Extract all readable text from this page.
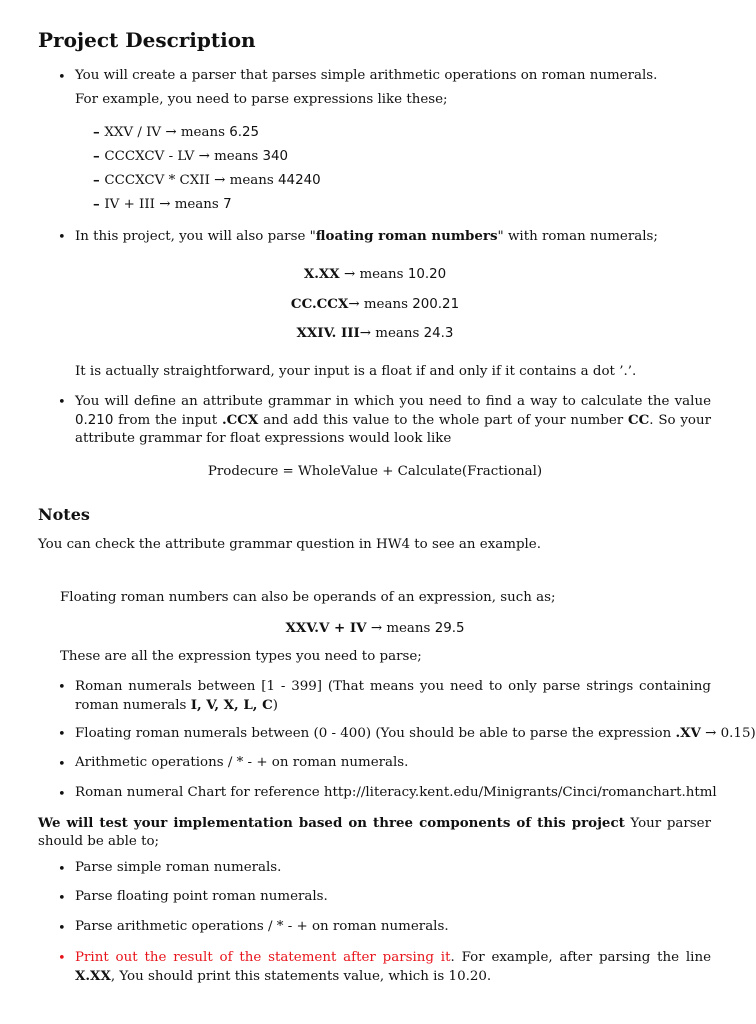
Project Description
• You will create a parser that parses simple arithmetic operations on roman numerals.
For example, you need to parse expressions like these;
– XXV / IV → means 6.25
– CCCXCV - LV → means 340
– CCCXCV * CXII → means 44240
– IV + III → means 7
• In this project, you will also parse "floating roman numbers" with roman numerals;
X.XX → means 10.20
CC.CCX→ means 200.21
XXIV. III→ means 24.3
It is actually straightforward, your input is a float if and only if it contains a dot ’.’.
• You will define an attribute grammar in which you need to find a way to calculate the value 0.210 from the input .CCX and add this value to the whole part of your number CC. So your attribute grammar for float expressions would look like
Prodecure = WholeValue + Calculate(Fractional)
Notes
You can check the attribute grammar question in HW4 to see an example.
Floating roman numbers can also be operands of an expression, such as;
XXV.V + IV → means 29.5
These are all the expression types you need to parse;
• Roman numerals between [1 - 399] (That means you need to only parse strings containing roman numerals I, V, X, L, C)
• Floating roman numerals between (0 - 400) (You should be able to parse the expression .XV → 0.15)
• Arithmetic operations / * - + on roman numerals.
• Roman numeral Chart for reference http://literacy.kent.edu/Minigrants/Cinci/romanchart.html
We will test your implementation based on three components of this project Your parser should be able to;
• Parse simple roman numerals.
• Parse floating point roman numerals.
• Parse arithmetic operations / * - + on roman numerals.
• Print out the result of the statement after parsing it. For example, after parsing the line X.XX, You should print this statements value, which is 10.20.
